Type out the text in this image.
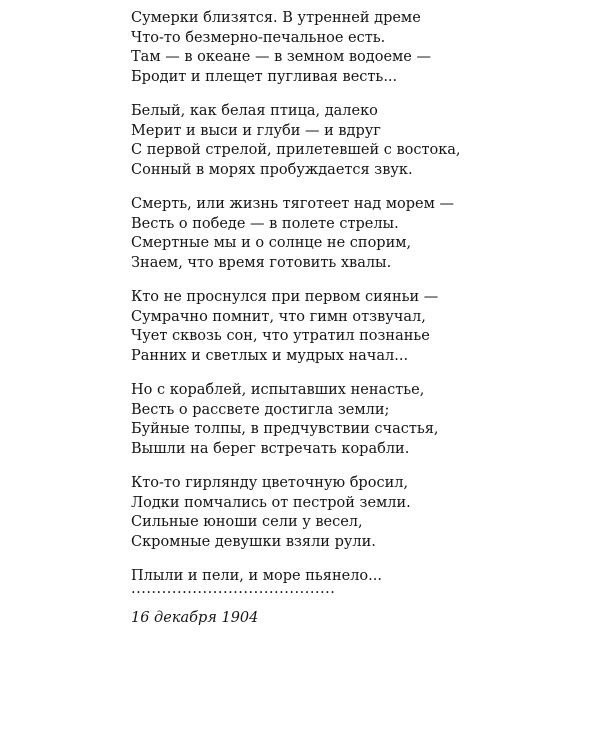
Сумерки близятся. В утренней дреме
Что-то безмерно-печальное есть.
Там — в океане — в земном водоеме —
Бродит и плещет пугливая весть...
Белый, как белая птица, далеко
Мерит и выси и глуби — и вдруг
С первой стрелой, прилетевшей с востока,
Сонный в морях пробуждается звук.
Смерть, или жизнь тяготеет над морем —
Весть о победе — в полете стрелы.
Смертные мы и о солнце не спорим,
Знаем, что время готовить хвалы.
Кто не проснулся при первом сияньи —
Сумрачно помнит, что гимн отзвучал,
Чует сквозь сон, что утратил познанье
Ранних и светлых и мудрых начал...
Но с кораблей, испытавших ненастье,
Весть о рассвете достигла земли;
Буйные толпы, в предчувствии счастья,
Вышли на берег встречать корабли.
Кто-то гирлянду цветочную бросил,
Лодки помчались от пестрой земли.
Сильные юноши сели у весел,
Скромные девушки взяли рули.
Плыли и пели, и море пьянело...
........................................
16 декабря 1904
